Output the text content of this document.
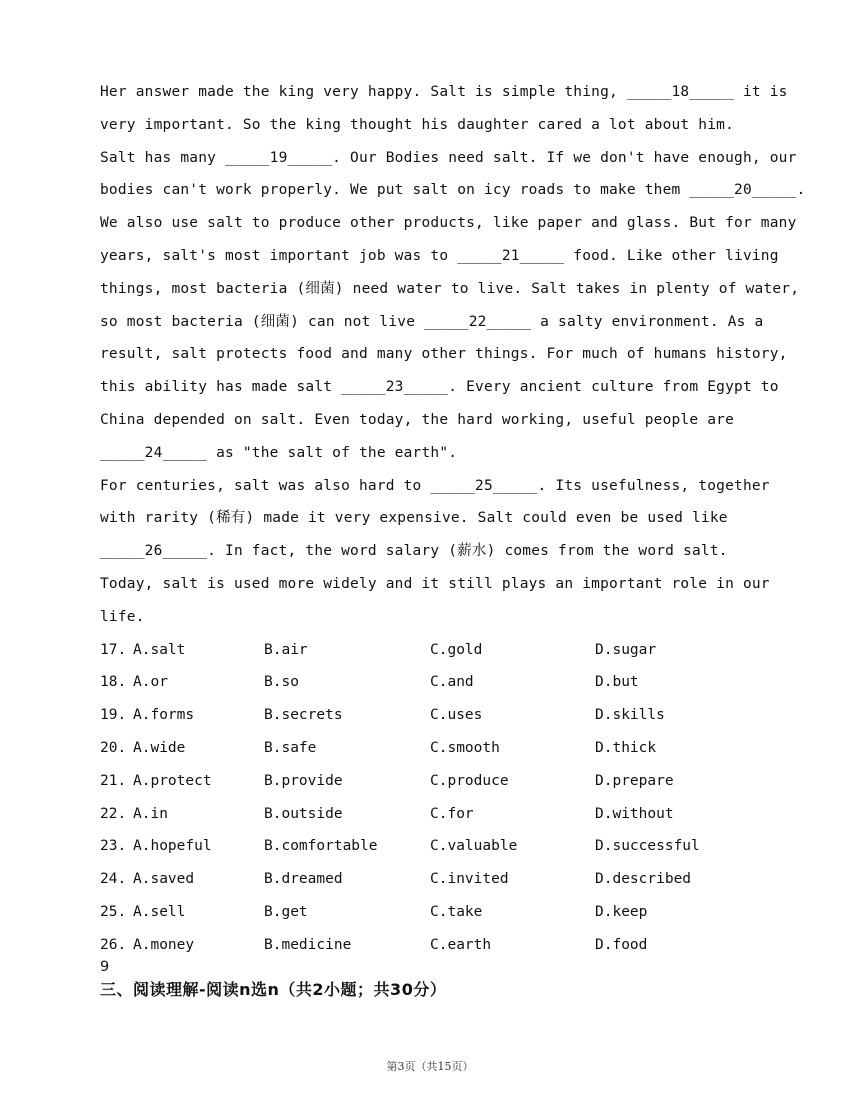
Her answer made the king very happy. Salt is simple thing, _____18_____ it is
very important. So the king thought his daughter cared a lot about him.
Salt has many _____19_____. Our Bodies need salt. If we don't have enough, our
bodies can't work properly. We put salt on icy roads to make them _____20_____.
We also use salt to produce other products, like paper and glass. But for many
years, salt's most important job was to _____21_____ food. Like other living
things, most bacteria (细菌) need water to live. Salt takes in plenty of water,
so most bacteria (细菌) can not live _____22_____ a salty environment. As a
result, salt protects food and many other things. For much of humans history,
this ability has made salt _____23_____. Every ancient culture from Egypt to
China depended on salt. Even today, the hard working, useful people are
_____24_____ as "the salt of the earth".
For centuries, salt was also hard to _____25_____. Its usefulness, together
with rarity (稀有) made it very expensive. Salt could even be used like
_____26_____. In fact, the word salary (薪水) comes from the word salt.
Today, salt is used more widely and it still plays an important role in our
life.
17. A.salt	B.air	C.gold	D.sugar
18. A.or	B.so	C.and	D.but
19. A.forms	B.secrets	C.uses	D.skills
20. A.wide	B.safe	C.smooth	D.thick
21. A.protect	B.provide	C.produce	D.prepare
22. A.in	B.outside	C.for	D.without
23. A.hopeful	B.comfortable	C.valuable	D.successful
24. A.saved	B.dreamed	C.invited	D.described
25. A.sell	B.get	C.take	D.keep
26. A.money	B.medicine	C.earth	D.food
9
三、阅读理解-阅读n选n（共2小题；共30分）
第3页（共15页）
